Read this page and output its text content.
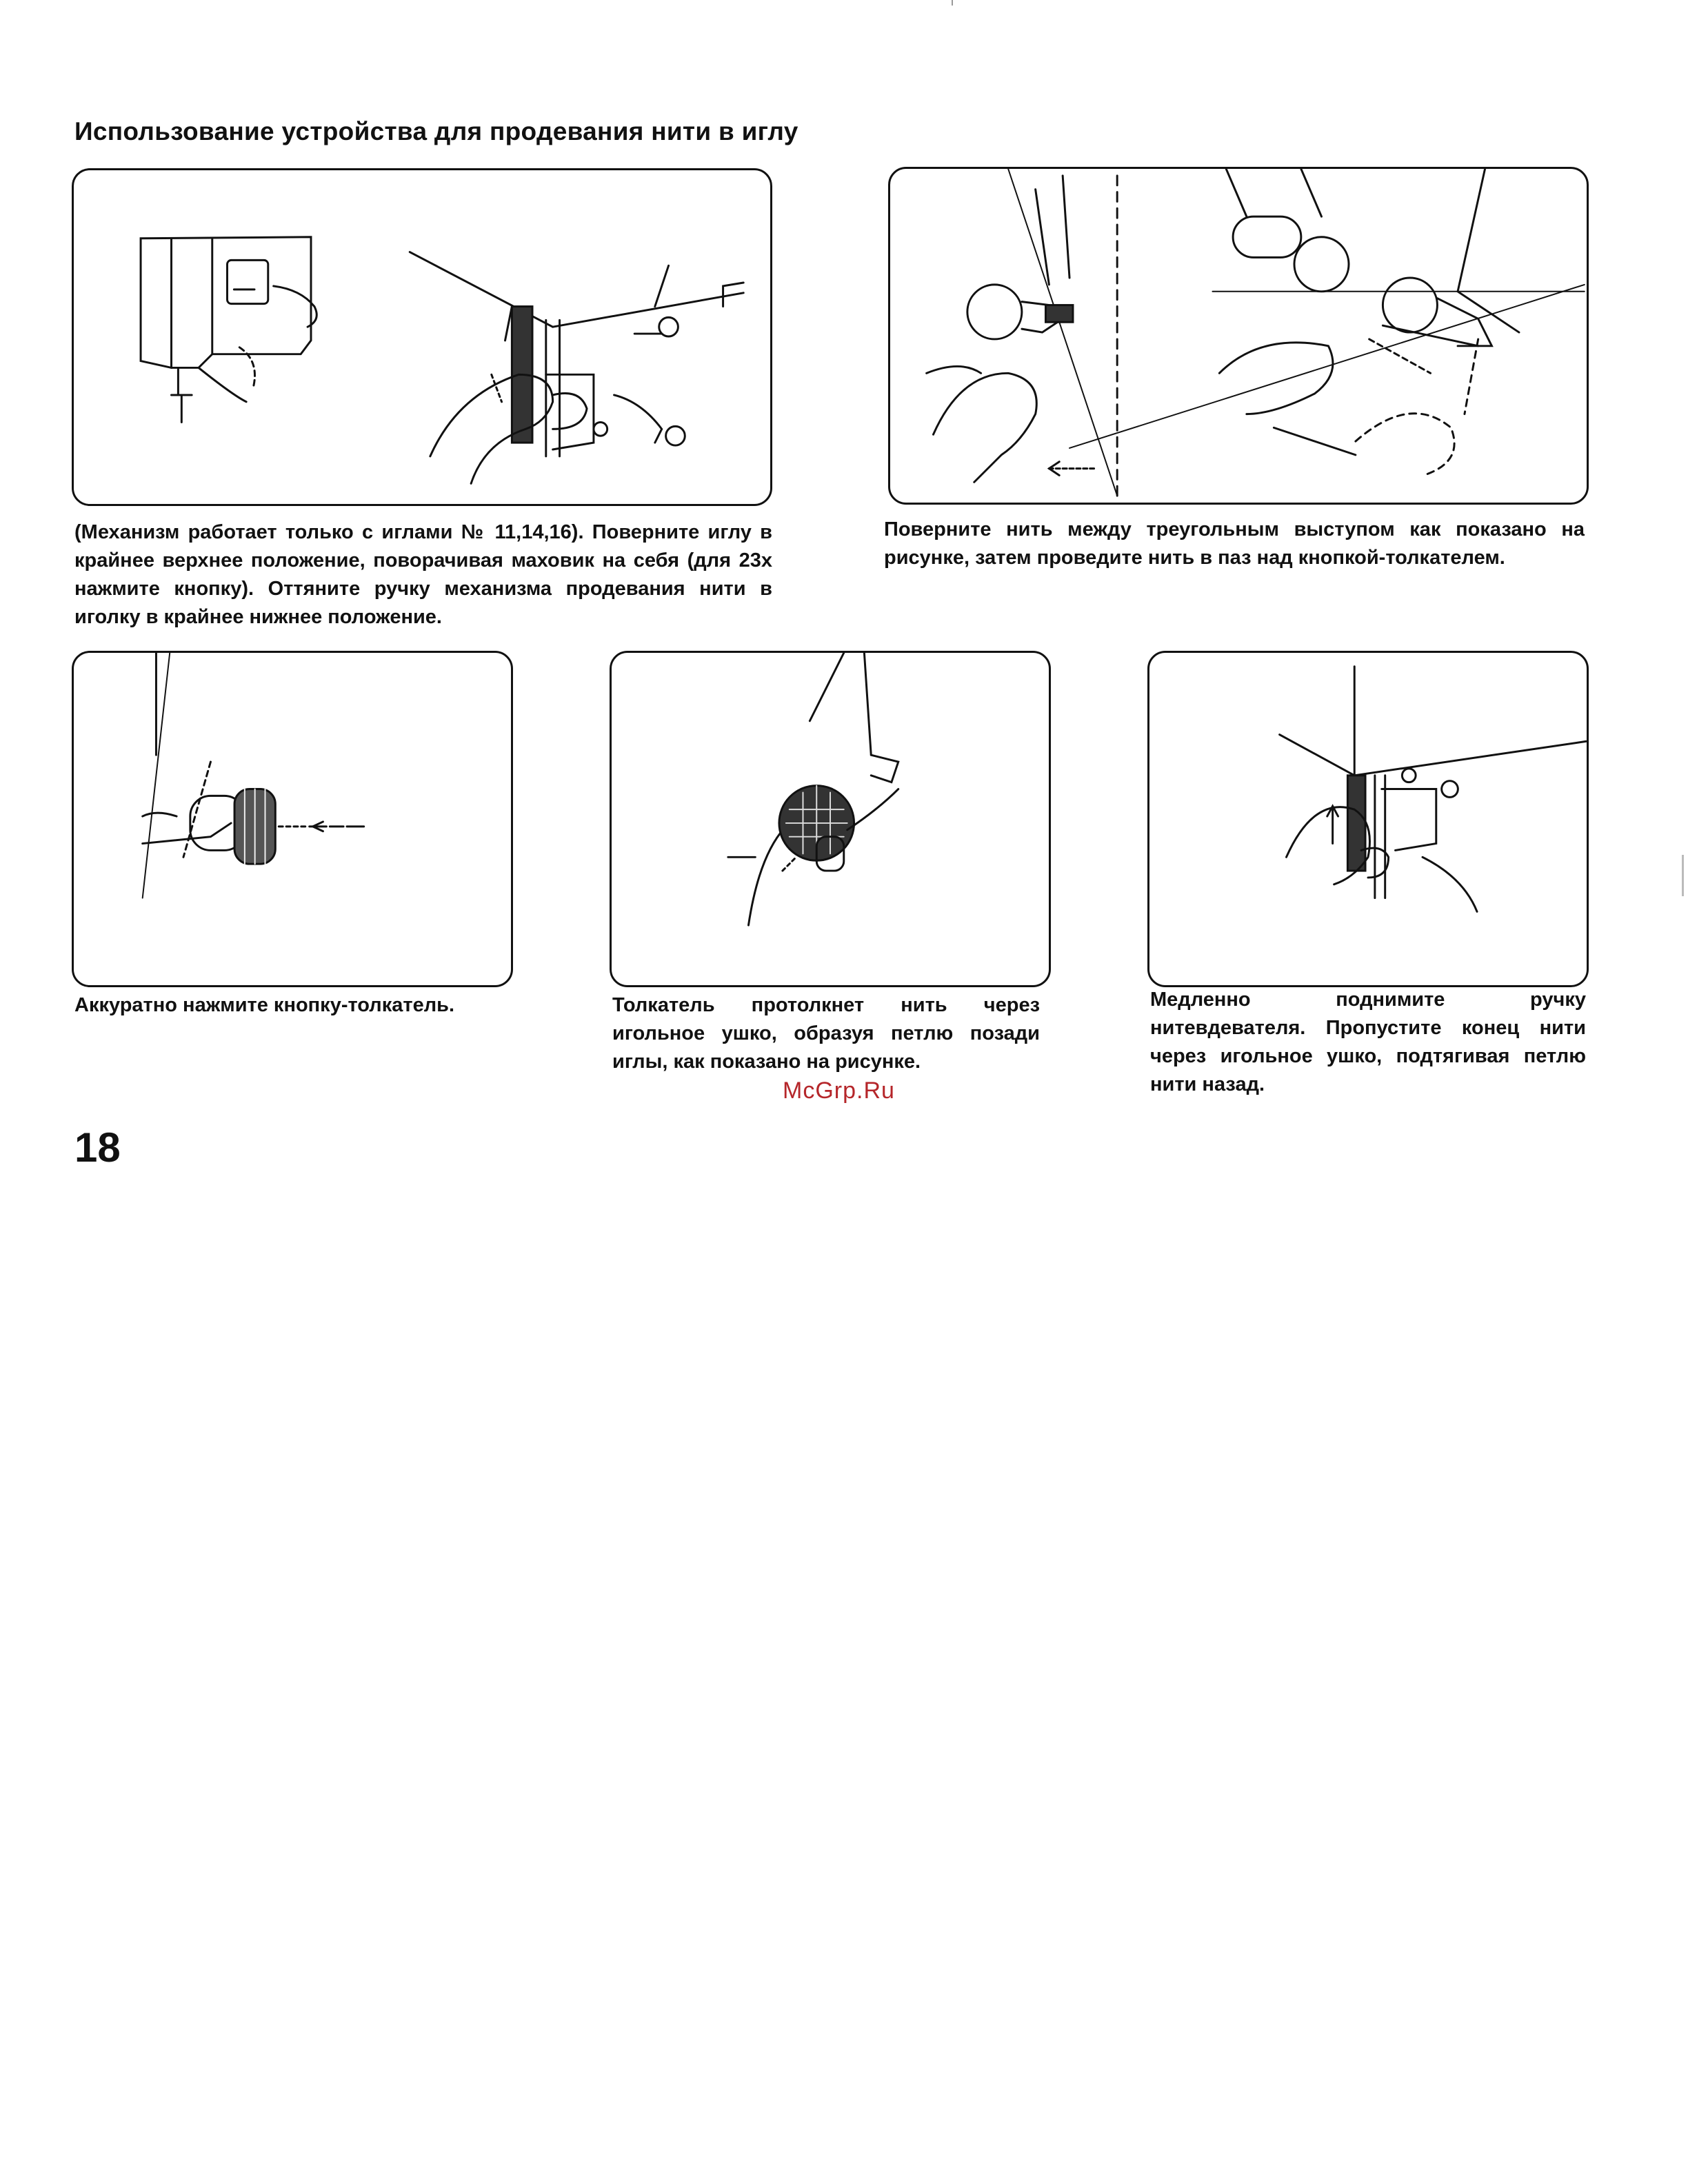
Использование устройства для продевания нити в иглу
(Механизм работает только с иглами № 11,14,16). Поверните иглу в крайнее верхнее положение, поворачивая маховик на себя (для 23х нажмите кнопку). Оттяните ручку механизма продевания нити в иголку в крайнее нижнее положение.
Поверните нить между треугольным выступом как показано на рисунке, затем проведите нить в паз над кнопкой-толкателем.
Аккуратно нажмите кнопку-толкатель.	Толкатель протолкнет нить через игольное ушко, образуя петлю позади иглы, как показано на рисунке.
Медленно поднимите ручку нитевдевателя. Пропустите конец нити через игольное ушко, подтягивая петлю нити назад.
McGrp.Ru
18
